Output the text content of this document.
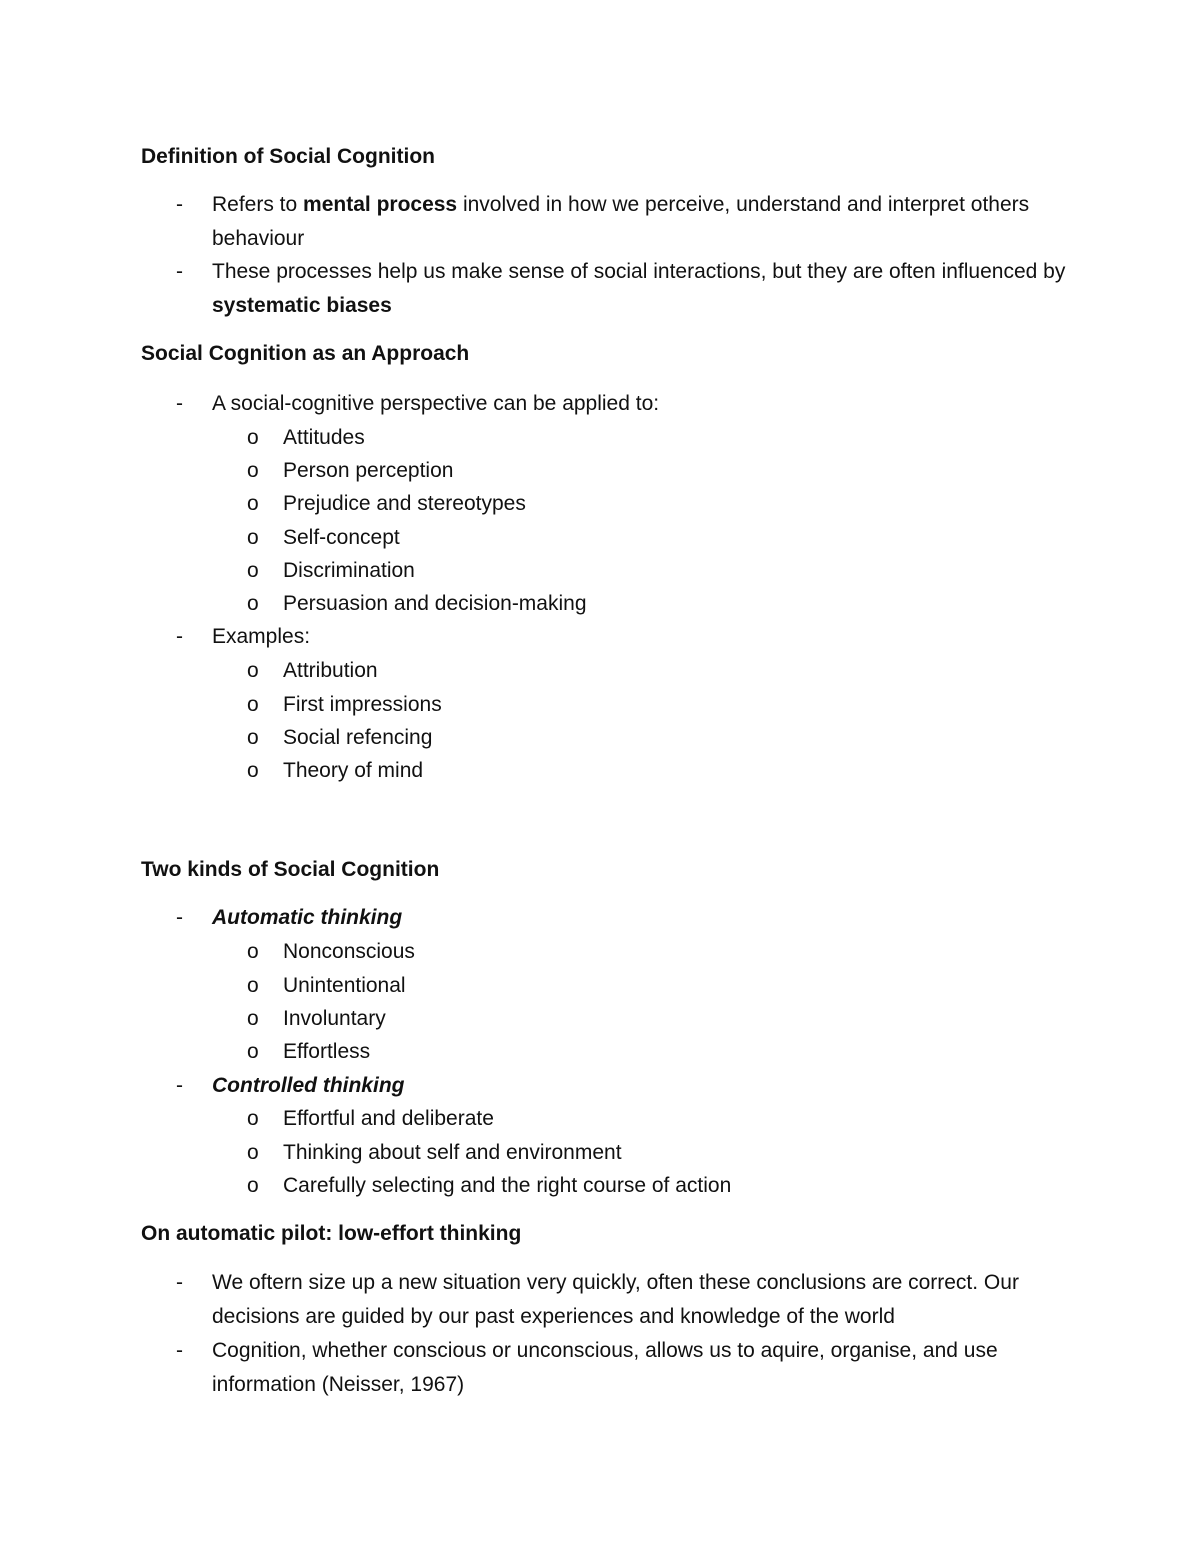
Definition of Social Cognition
- Refers to mental process involved in how we perceive, understand and interpret others behaviour
- These processes help us make sense of social interactions, but they are often influenced by systematic biases
Social Cognition as an Approach
- A social-cognitive perspective can be applied to:
o Attitudes
o Person perception
o Prejudice and stereotypes
o Self-concept
o Discrimination
o Persuasion and decision-making
- Examples:
o Attribution
o First impressions
o Social refencing
o Theory of mind
Two kinds of Social Cognition
- Automatic thinking
o Nonconscious
o Unintentional
o Involuntary
o Effortless
- Controlled thinking
o Effortful and deliberate
o Thinking about self and environment
o Carefully selecting and the right course of action
On automatic pilot: low-effort thinking
- We oftern size up a new situation very quickly, often these conclusions are correct. Our decisions are guided by our past experiences and knowledge of the world
- Cognition, whether conscious or unconscious, allows us to aquire, organise, and use information (Neisser, 1967)
